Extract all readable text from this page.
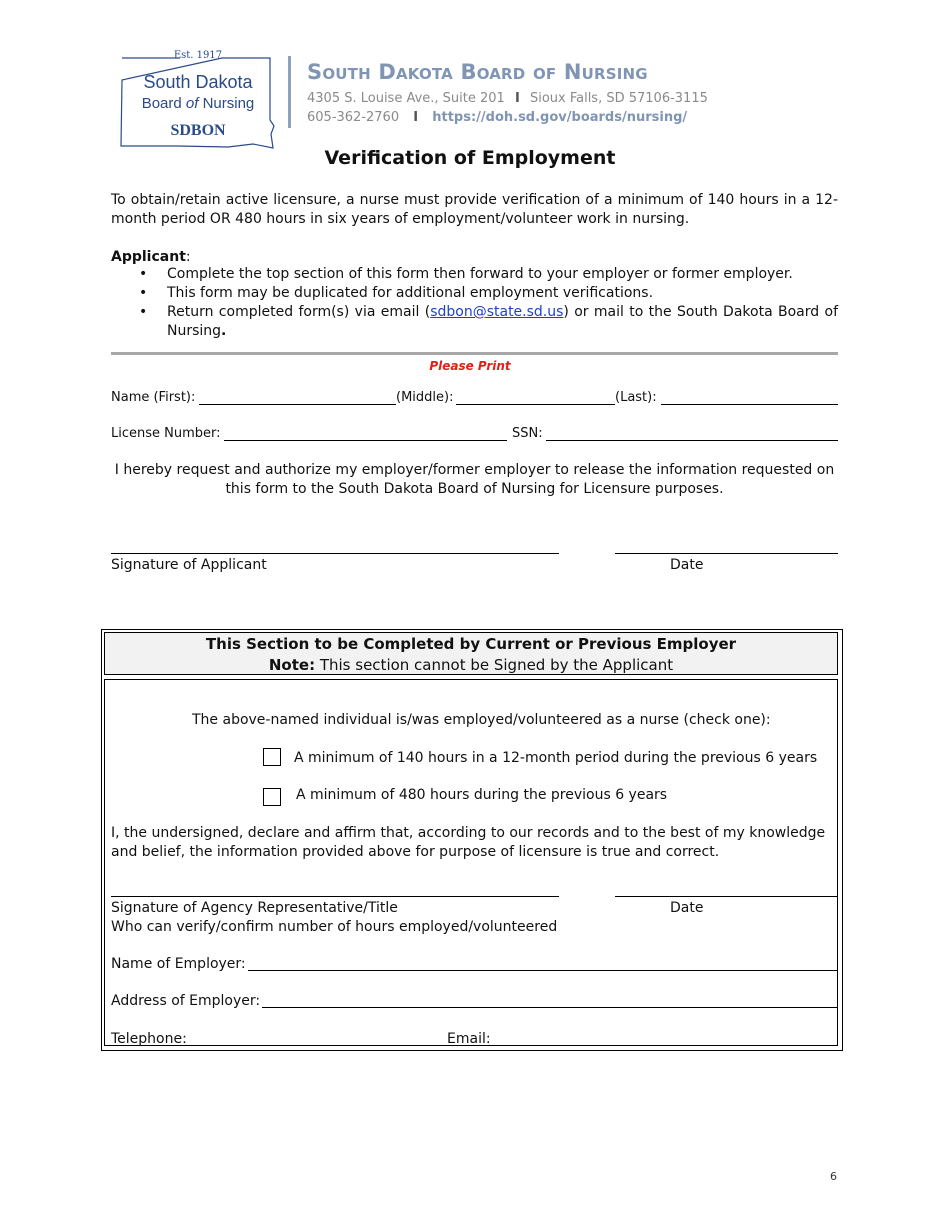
Est. 1917
South Dakota
Board of Nursing
SDBON
South Dakota Board of Nursing
4305 S. Louise Ave., Suite 201 I Sioux Falls, SD 57106-3115
605-362-2760 I https://doh.sd.gov/boards/nursing/
Verification of Employment
To obtain/retain active licensure, a nurse must provide verification of a minimum of 140 hours in a 12-month period OR 480 hours in six years of employment/volunteer work in nursing.
Applicant:
• Complete the top section of this form then forward to your employer or former employer.
• This form may be duplicated for additional employment verifications.
• Return completed form(s) via email (sdbon@state.sd.us) or mail to the South Dakota Board of Nursing.
Please Print
Name (First):	(Middle):	(Last):
License Number:	SSN:
I hereby request and authorize my employer/former employer to release the information requested on this form to the South Dakota Board of Nursing for Licensure purposes.
Signature of Applicant	Date
This Section to be Completed by Current or Previous Employer
Note: This section cannot be Signed by the Applicant
The above-named individual is/was employed/volunteered as a nurse (check one):
A minimum of 140 hours in a 12-month period during the previous 6 years
A minimum of 480 hours during the previous 6 years
I, the undersigned, declare and affirm that, according to our records and to the best of my knowledge and belief, the information provided above for purpose of licensure is true and correct.
Signature of Agency Representative/Title	Date
Who can verify/confirm number of hours employed/volunteered
Name of Employer:
Address of Employer:
Telephone:	Email:
6
